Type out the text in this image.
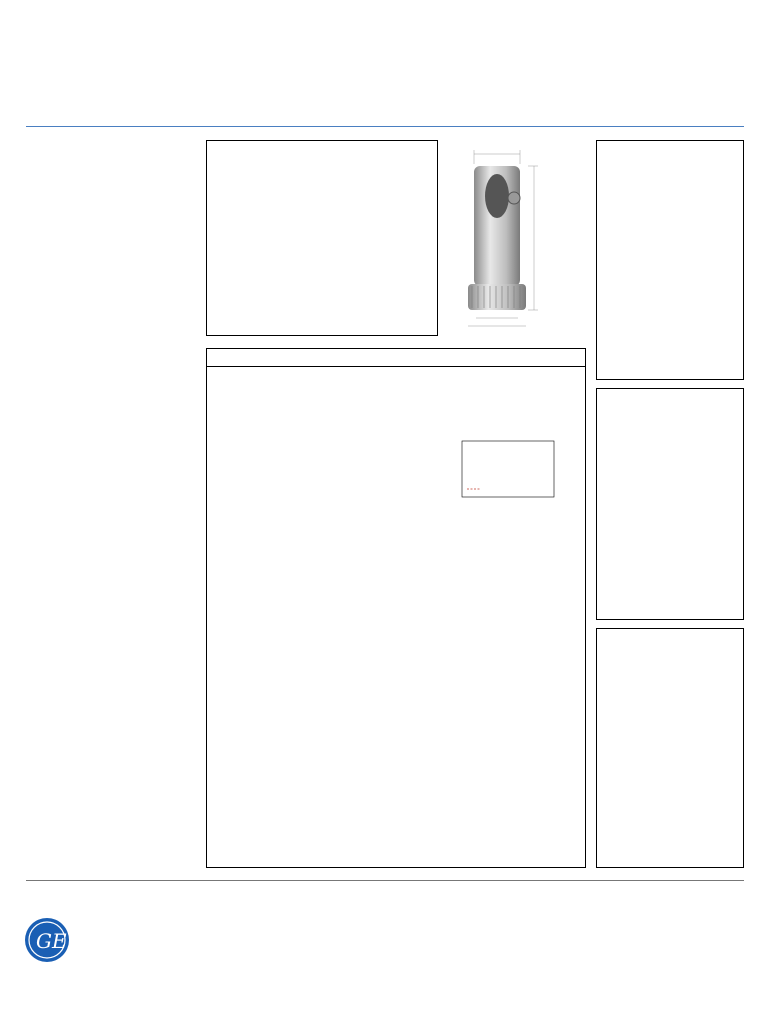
GE
